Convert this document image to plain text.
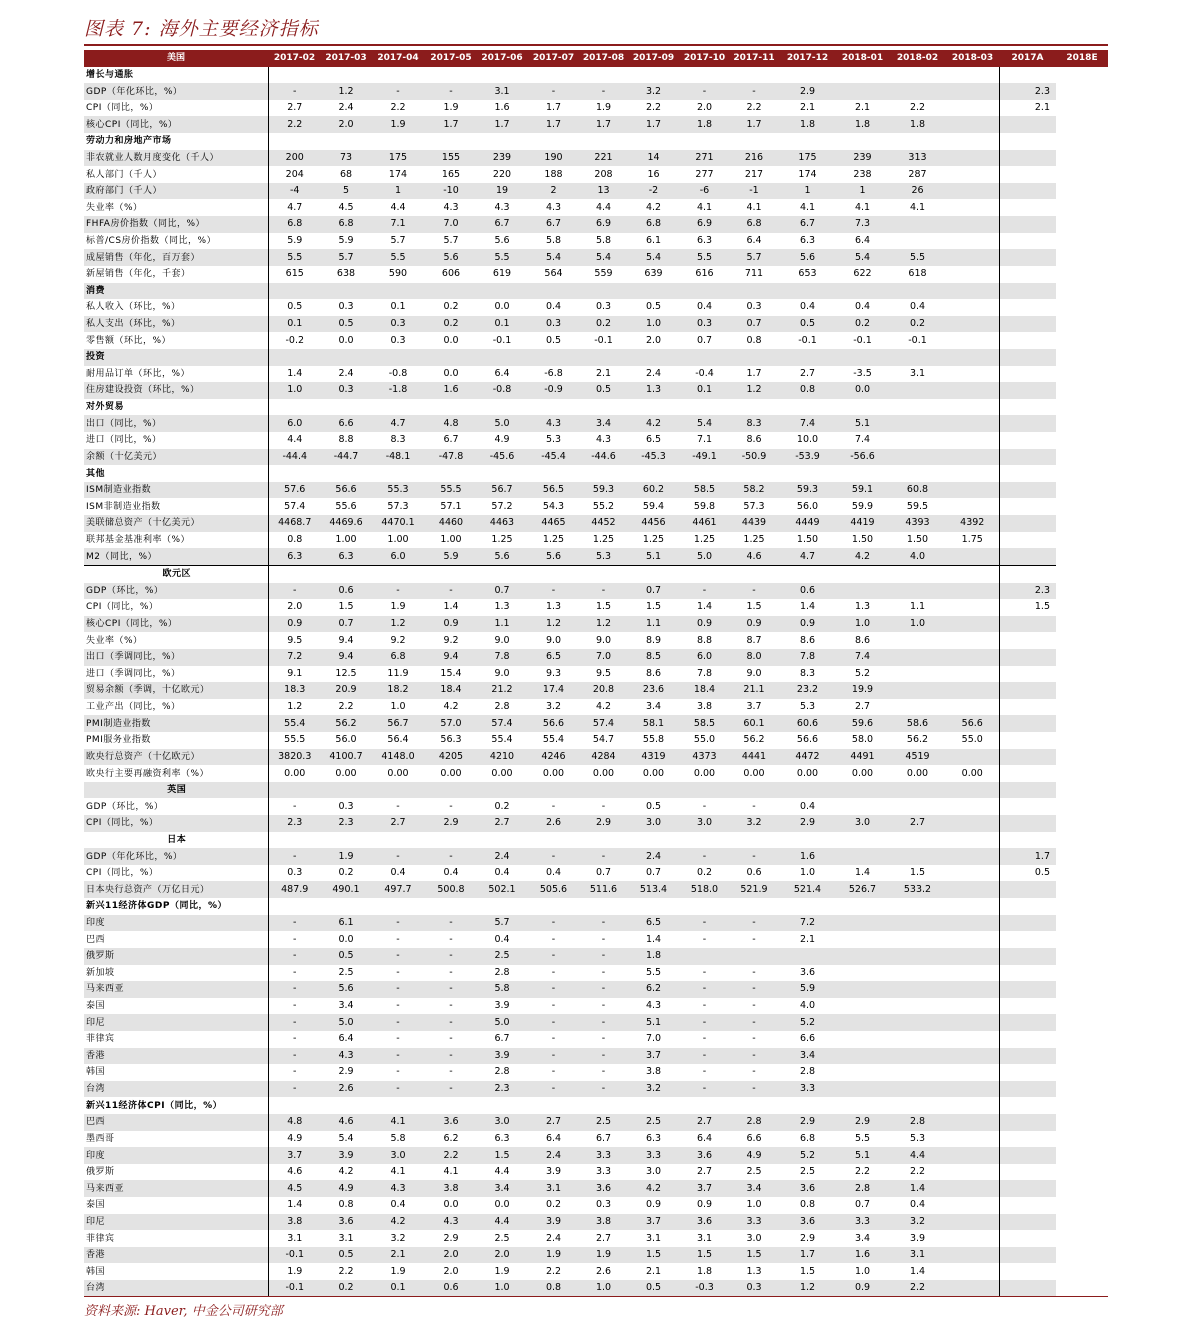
图表 7: 海外主要经济指标
美国	2017-02	2017-03	2017-04	2017-05	2017-06	2017-07	2017-08	2017-09	2017-10	2017-11	2017-12	2018-01	2018-02	2018-03	2017A	2018E
增长与通胀																
GDP（年化环比，%）	-	1.2	-	-	3.1	-	-	3.2	-	-	2.9				2.3	
CPI（同比，%）	2.7	2.4	2.2	1.9	1.6	1.7	1.9	2.2	2.0	2.2	2.1	2.1	2.2		2.1	
核心CPI（同比，%）	2.2	2.0	1.9	1.7	1.7	1.7	1.7	1.7	1.8	1.7	1.8	1.8	1.8			
劳动力和房地产市场																
非农就业人数月度变化（千人）	200	73	175	155	239	190	221	14	271	216	175	239	313			
私人部门（千人）	204	68	174	165	220	188	208	16	277	217	174	238	287			
政府部门（千人）	-4	5	1	-10	19	2	13	-2	-6	-1	1	1	26			
失业率（%）	4.7	4.5	4.4	4.3	4.3	4.3	4.4	4.2	4.1	4.1	4.1	4.1	4.1			
FHFA房价指数（同比，%）	6.8	6.8	7.1	7.0	6.7	6.7	6.9	6.8	6.9	6.8	6.7	7.3				
标普/CS房价指数（同比，%）	5.9	5.9	5.7	5.7	5.6	5.8	5.8	6.1	6.3	6.4	6.3	6.4				
成屋销售（年化，百万套）	5.5	5.7	5.5	5.6	5.5	5.4	5.4	5.4	5.5	5.7	5.6	5.4	5.5			
新屋销售（年化，千套）	615	638	590	606	619	564	559	639	616	711	653	622	618			
消费																
私人收入（环比，%）	0.5	0.3	0.1	0.2	0.0	0.4	0.3	0.5	0.4	0.3	0.4	0.4	0.4			
私人支出（环比，%）	0.1	0.5	0.3	0.2	0.1	0.3	0.2	1.0	0.3	0.7	0.5	0.2	0.2			
零售额（环比，%）	-0.2	0.0	0.3	0.0	-0.1	0.5	-0.1	2.0	0.7	0.8	-0.1	-0.1	-0.1			
投资																
耐用品订单（环比，%）	1.4	2.4	-0.8	0.0	6.4	-6.8	2.1	2.4	-0.4	1.7	2.7	-3.5	3.1			
住房建设投资（环比，%）	1.0	0.3	-1.8	1.6	-0.8	-0.9	0.5	1.3	0.1	1.2	0.8	0.0				
对外贸易																
出口（同比，%）	6.0	6.6	4.7	4.8	5.0	4.3	3.4	4.2	5.4	8.3	7.4	5.1				
进口（同比，%）	4.4	8.8	8.3	6.7	4.9	5.3	4.3	6.5	7.1	8.6	10.0	7.4				
余额（十亿美元）	-44.4	-44.7	-48.1	-47.8	-45.6	-45.4	-44.6	-45.3	-49.1	-50.9	-53.9	-56.6				
其他																
ISM制造业指数	57.6	56.6	55.3	55.5	56.7	56.5	59.3	60.2	58.5	58.2	59.3	59.1	60.8			
ISM非制造业指数	57.4	55.6	57.3	57.1	57.2	54.3	55.2	59.4	59.8	57.3	56.0	59.9	59.5			
美联储总资产（十亿美元）	4468.7	4469.6	4470.1	4460	4463	4465	4452	4456	4461	4439	4449	4419	4393	4392		
联邦基金基准利率（%）	0.8	1.00	1.00	1.00	1.25	1.25	1.25	1.25	1.25	1.25	1.50	1.50	1.50	1.75		
M2（同比，%）	6.3	6.3	6.0	5.9	5.6	5.6	5.3	5.1	5.0	4.6	4.7	4.2	4.0			
欧元区																
GDP（环比，%）	-	0.6	-	-	0.7	-	-	0.7	-	-	0.6				2.3	
CPI（同比，%）	2.0	1.5	1.9	1.4	1.3	1.3	1.5	1.5	1.4	1.5	1.4	1.3	1.1		1.5	
核心CPI（同比，%）	0.9	0.7	1.2	0.9	1.1	1.2	1.2	1.1	0.9	0.9	0.9	1.0	1.0			
失业率（%）	9.5	9.4	9.2	9.2	9.0	9.0	9.0	8.9	8.8	8.7	8.6	8.6				
出口（季调同比，%）	7.2	9.4	6.8	9.4	7.8	6.5	7.0	8.5	6.0	8.0	7.8	7.4				
进口（季调同比，%）	9.1	12.5	11.9	15.4	9.0	9.3	9.5	8.6	7.8	9.0	8.3	5.2				
贸易余额（季调，十亿欧元）	18.3	20.9	18.2	18.4	21.2	17.4	20.8	23.6	18.4	21.1	23.2	19.9				
工业产出（同比，%）	1.2	2.2	1.0	4.2	2.8	3.2	4.2	3.4	3.8	3.7	5.3	2.7				
PMI制造业指数	55.4	56.2	56.7	57.0	57.4	56.6	57.4	58.1	58.5	60.1	60.6	59.6	58.6	56.6		
PMI服务业指数	55.5	56.0	56.4	56.3	55.4	55.4	54.7	55.8	55.0	56.2	56.6	58.0	56.2	55.0		
欧央行总资产（十亿欧元）	3820.3	4100.7	4148.0	4205	4210	4246	4284	4319	4373	4441	4472	4491	4519			
欧央行主要再融资利率（%）	0.00	0.00	0.00	0.00	0.00	0.00	0.00	0.00	0.00	0.00	0.00	0.00	0.00	0.00		
英国																
GDP（环比，%）	-	0.3	-	-	0.2	-	-	0.5	-	-	0.4					
CPI（同比，%）	2.3	2.3	2.7	2.9	2.7	2.6	2.9	3.0	3.0	3.2	2.9	3.0	2.7			
日本																
GDP（年化环比，%）	-	1.9	-	-	2.4	-	-	2.4	-	-	1.6				1.7	
CPI（同比，%）	0.3	0.2	0.4	0.4	0.4	0.4	0.7	0.7	0.2	0.6	1.0	1.4	1.5		0.5	
日本央行总资产（万亿日元）	487.9	490.1	497.7	500.8	502.1	505.6	511.6	513.4	518.0	521.9	521.4	526.7	533.2			
新兴11经济体GDP（同比，%）																
印度	-	6.1	-	-	5.7	-	-	6.5	-	-	7.2					
巴西	-	0.0	-	-	0.4	-	-	1.4	-	-	2.1					
俄罗斯	-	0.5	-	-	2.5	-	-	1.8								
新加坡	-	2.5	-	-	2.8	-	-	5.5	-	-	3.6					
马来西亚	-	5.6	-	-	5.8	-	-	6.2	-	-	5.9					
泰国	-	3.4	-	-	3.9	-	-	4.3	-	-	4.0					
印尼	-	5.0	-	-	5.0	-	-	5.1	-	-	5.2					
菲律宾	-	6.4	-	-	6.7	-	-	7.0	-	-	6.6					
香港	-	4.3	-	-	3.9	-	-	3.7	-	-	3.4					
韩国	-	2.9	-	-	2.8	-	-	3.8	-	-	2.8					
台湾	-	2.6	-	-	2.3	-	-	3.2	-	-	3.3					
新兴11经济体CPI（同比，%）																
巴西	4.8	4.6	4.1	3.6	3.0	2.7	2.5	2.5	2.7	2.8	2.9	2.9	2.8			
墨西哥	4.9	5.4	5.8	6.2	6.3	6.4	6.7	6.3	6.4	6.6	6.8	5.5	5.3			
印度	3.7	3.9	3.0	2.2	1.5	2.4	3.3	3.3	3.6	4.9	5.2	5.1	4.4			
俄罗斯	4.6	4.2	4.1	4.1	4.4	3.9	3.3	3.0	2.7	2.5	2.5	2.2	2.2			
马来西亚	4.5	4.9	4.3	3.8	3.4	3.1	3.6	4.2	3.7	3.4	3.6	2.8	1.4			
泰国	1.4	0.8	0.4	0.0	0.0	0.2	0.3	0.9	0.9	1.0	0.8	0.7	0.4			
印尼	3.8	3.6	4.2	4.3	4.4	3.9	3.8	3.7	3.6	3.3	3.6	3.3	3.2			
菲律宾	3.1	3.1	3.2	2.9	2.5	2.4	2.7	3.1	3.1	3.0	2.9	3.4	3.9			
香港	-0.1	0.5	2.1	2.0	2.0	1.9	1.9	1.5	1.5	1.5	1.7	1.6	3.1			
韩国	1.9	2.2	1.9	2.0	1.9	2.2	2.6	2.1	1.8	1.3	1.5	1.0	1.4			
台湾	-0.1	0.2	0.1	0.6	1.0	0.8	1.0	0.5	-0.3	0.3	1.2	0.9	2.2			
资料来源: Haver, 中金公司研究部
